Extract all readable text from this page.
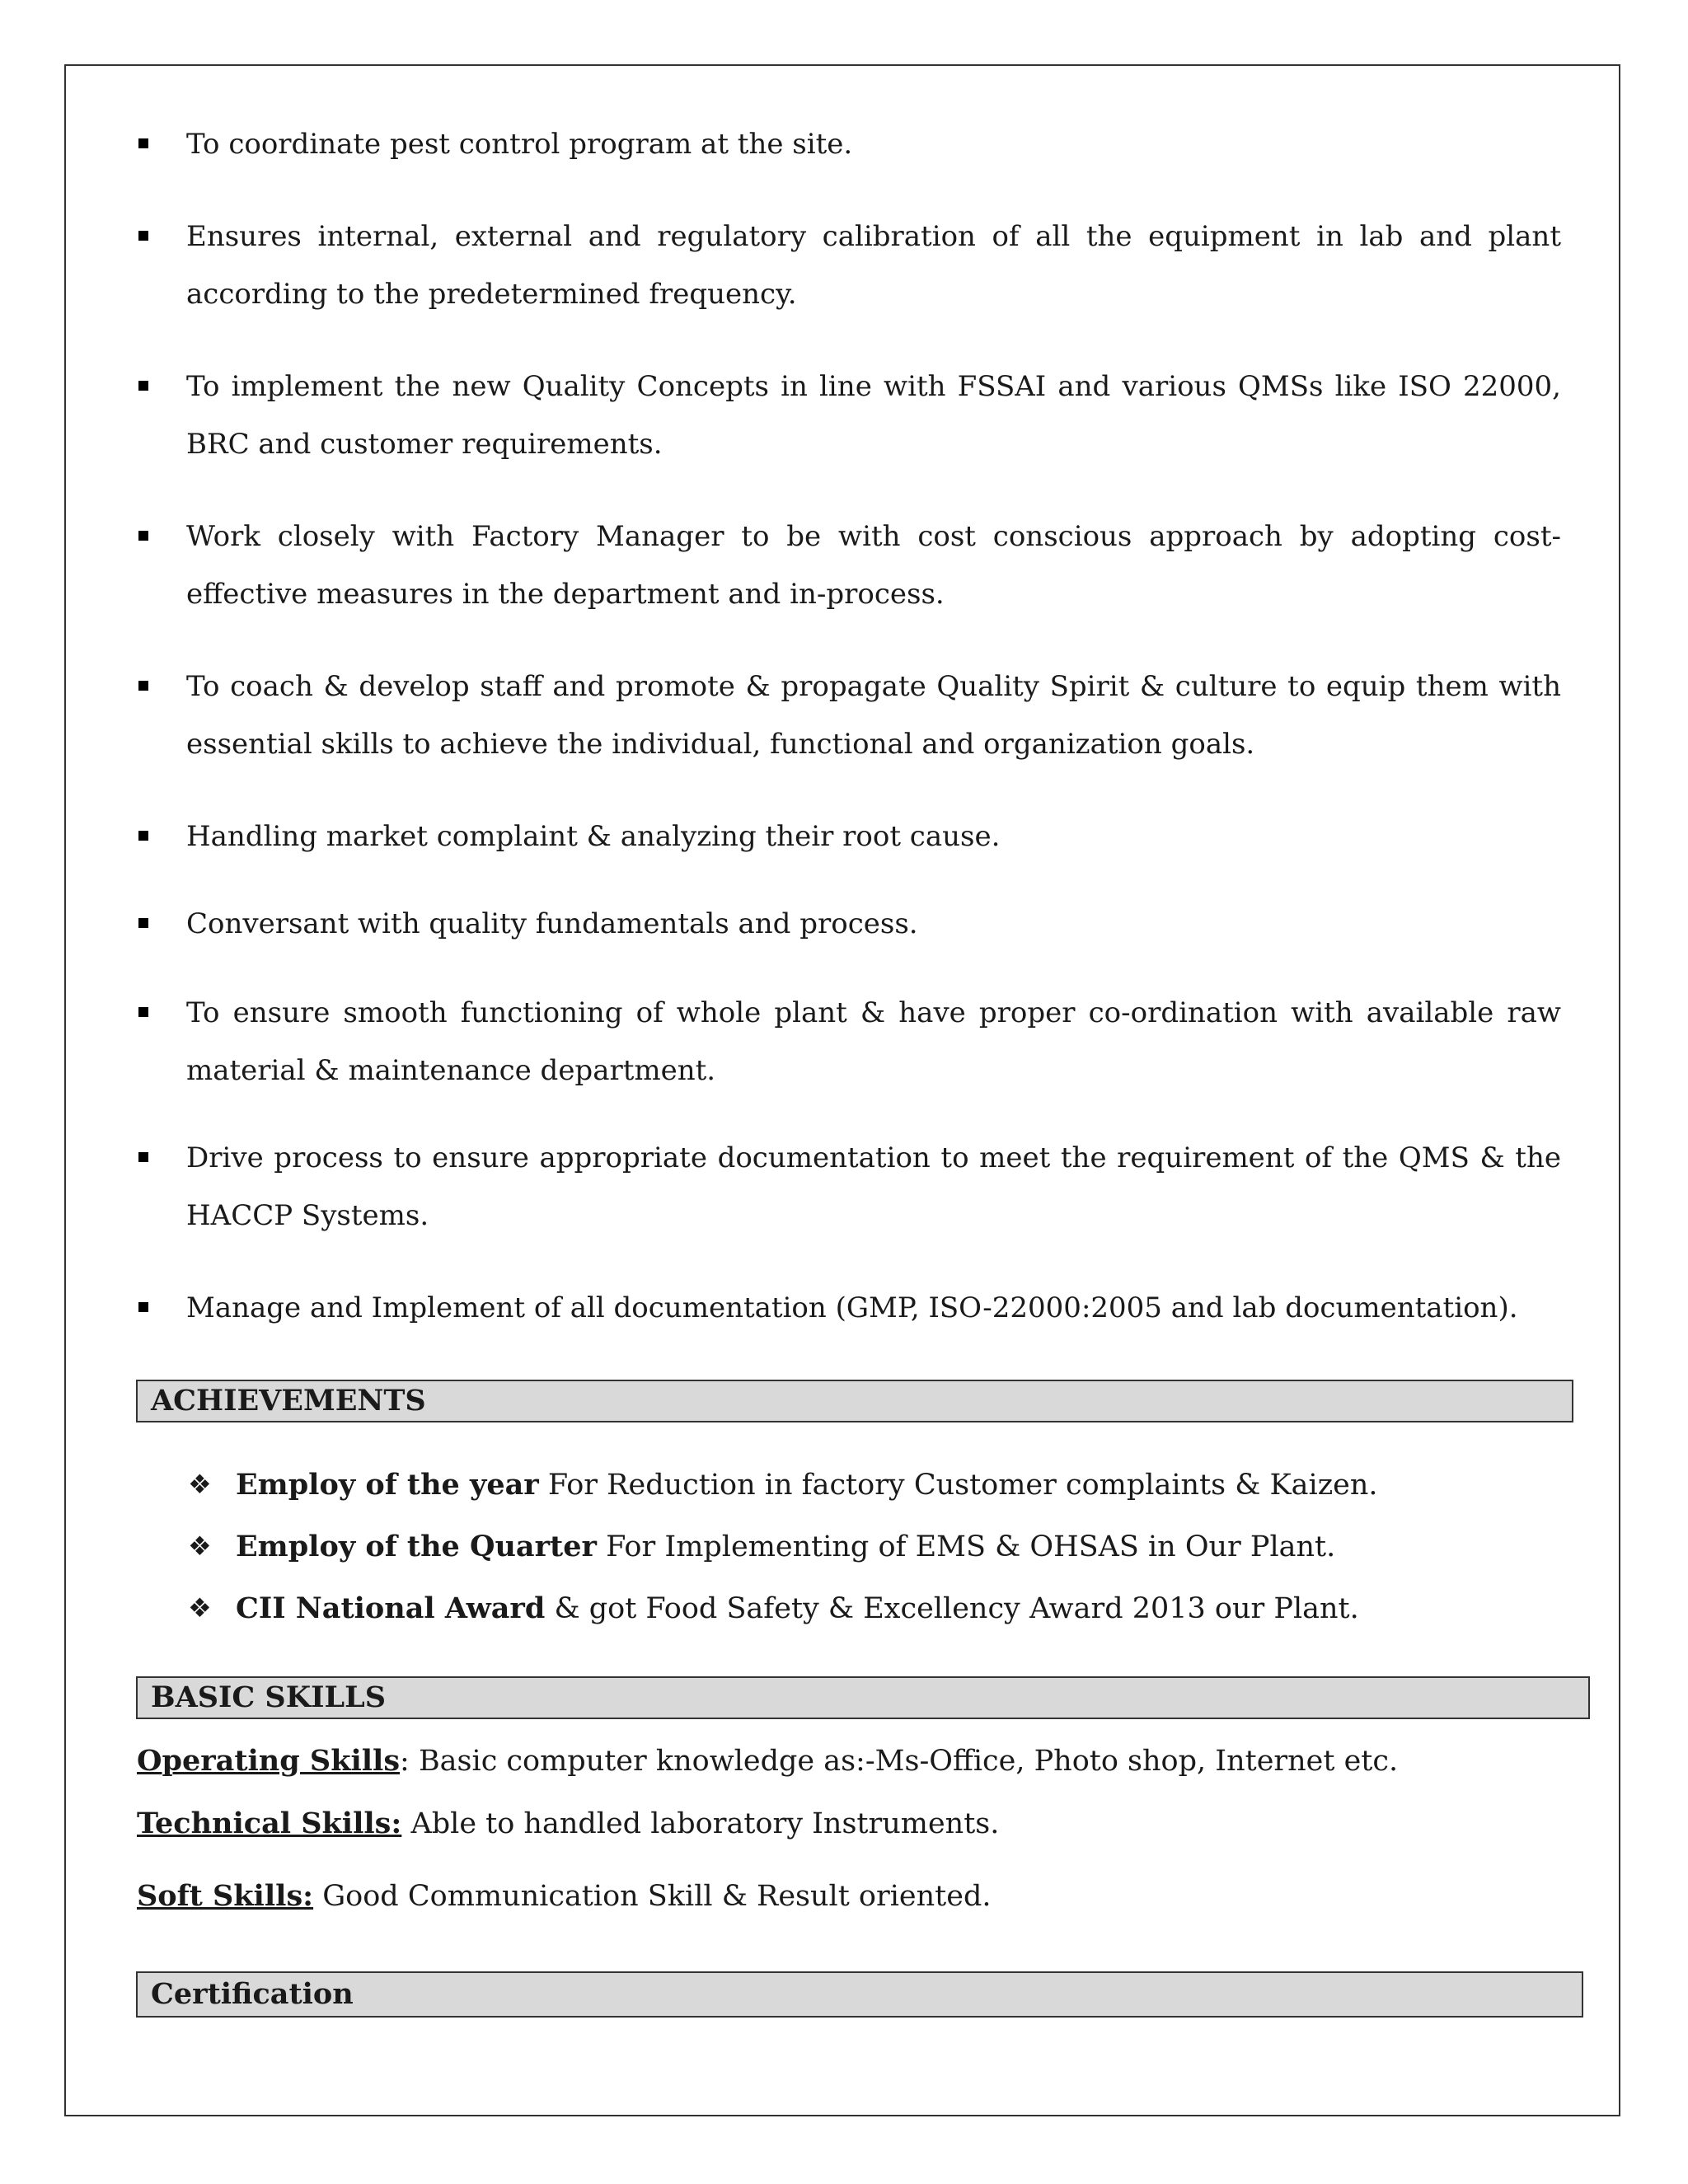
To coordinate pest control program at the site.
Ensures internal, external and regulatory calibration of all the equipment in lab and plant according to the predetermined frequency.
To implement the new Quality Concepts in line with FSSAI and various QMSs like ISO 22000, BRC and customer requirements.
Work closely with Factory Manager to be with cost conscious approach by adopting cost-effective measures in the department and in-process.
To coach & develop staff and promote & propagate Quality Spirit & culture to equip them with essential skills to achieve the individual, functional and organization goals.
Handling market complaint & analyzing their root cause.
Conversant with quality fundamentals and process.
To ensure smooth functioning of whole plant & have proper co-ordination with available raw material & maintenance department.
Drive process to ensure appropriate documentation to meet the requirement of the QMS & the HACCP Systems.
Manage and Implement of all documentation (GMP, ISO-22000:2005 and lab documentation).
ACHIEVEMENTS
❖ Employ of the year For Reduction in factory Customer complaints & Kaizen.
❖ Employ of the Quarter For Implementing of EMS & OHSAS in Our Plant.
❖ CII National Award & got Food Safety & Excellency Award 2013 our Plant.
BASIC SKILLS
Operating Skills: Basic computer knowledge as:-Ms-Office, Photo shop, Internet etc.
Technical Skills: Able to handled laboratory Instruments.
Soft Skills: Good Communication Skill & Result oriented.
Certification
